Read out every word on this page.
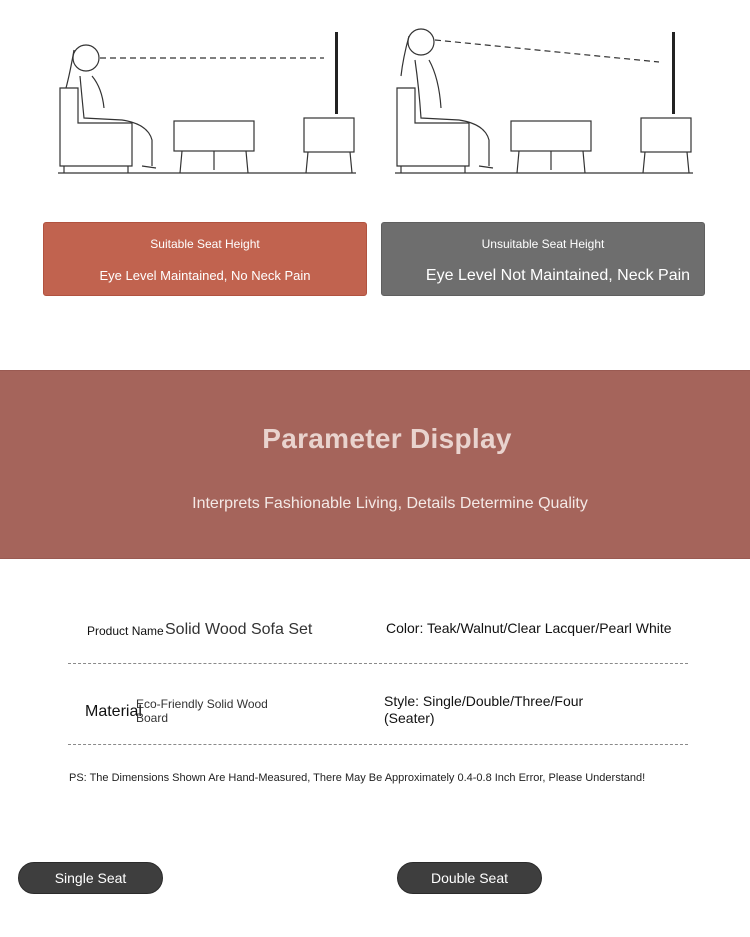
Suitable Seat Height
Eye Level Maintained, No Neck Pain
Unsuitable Seat Height
Eye Level Not Maintained, Neck Pain
Parameter Display
Interprets Fashionable Living, Details Determine Quality
Product Name Solid Wood Sofa Set	Color: Teak/Walnut/Clear Lacquer/Pearl White
Material
Eco-Friendly Solid Wood Board
Style: Single/Double/Three/Four (Seater)
PS: The Dimensions Shown Are Hand-Measured, There May Be Approximately 0.4-0.8 Inch Error, Please Understand!
Single Seat	Double Seat
